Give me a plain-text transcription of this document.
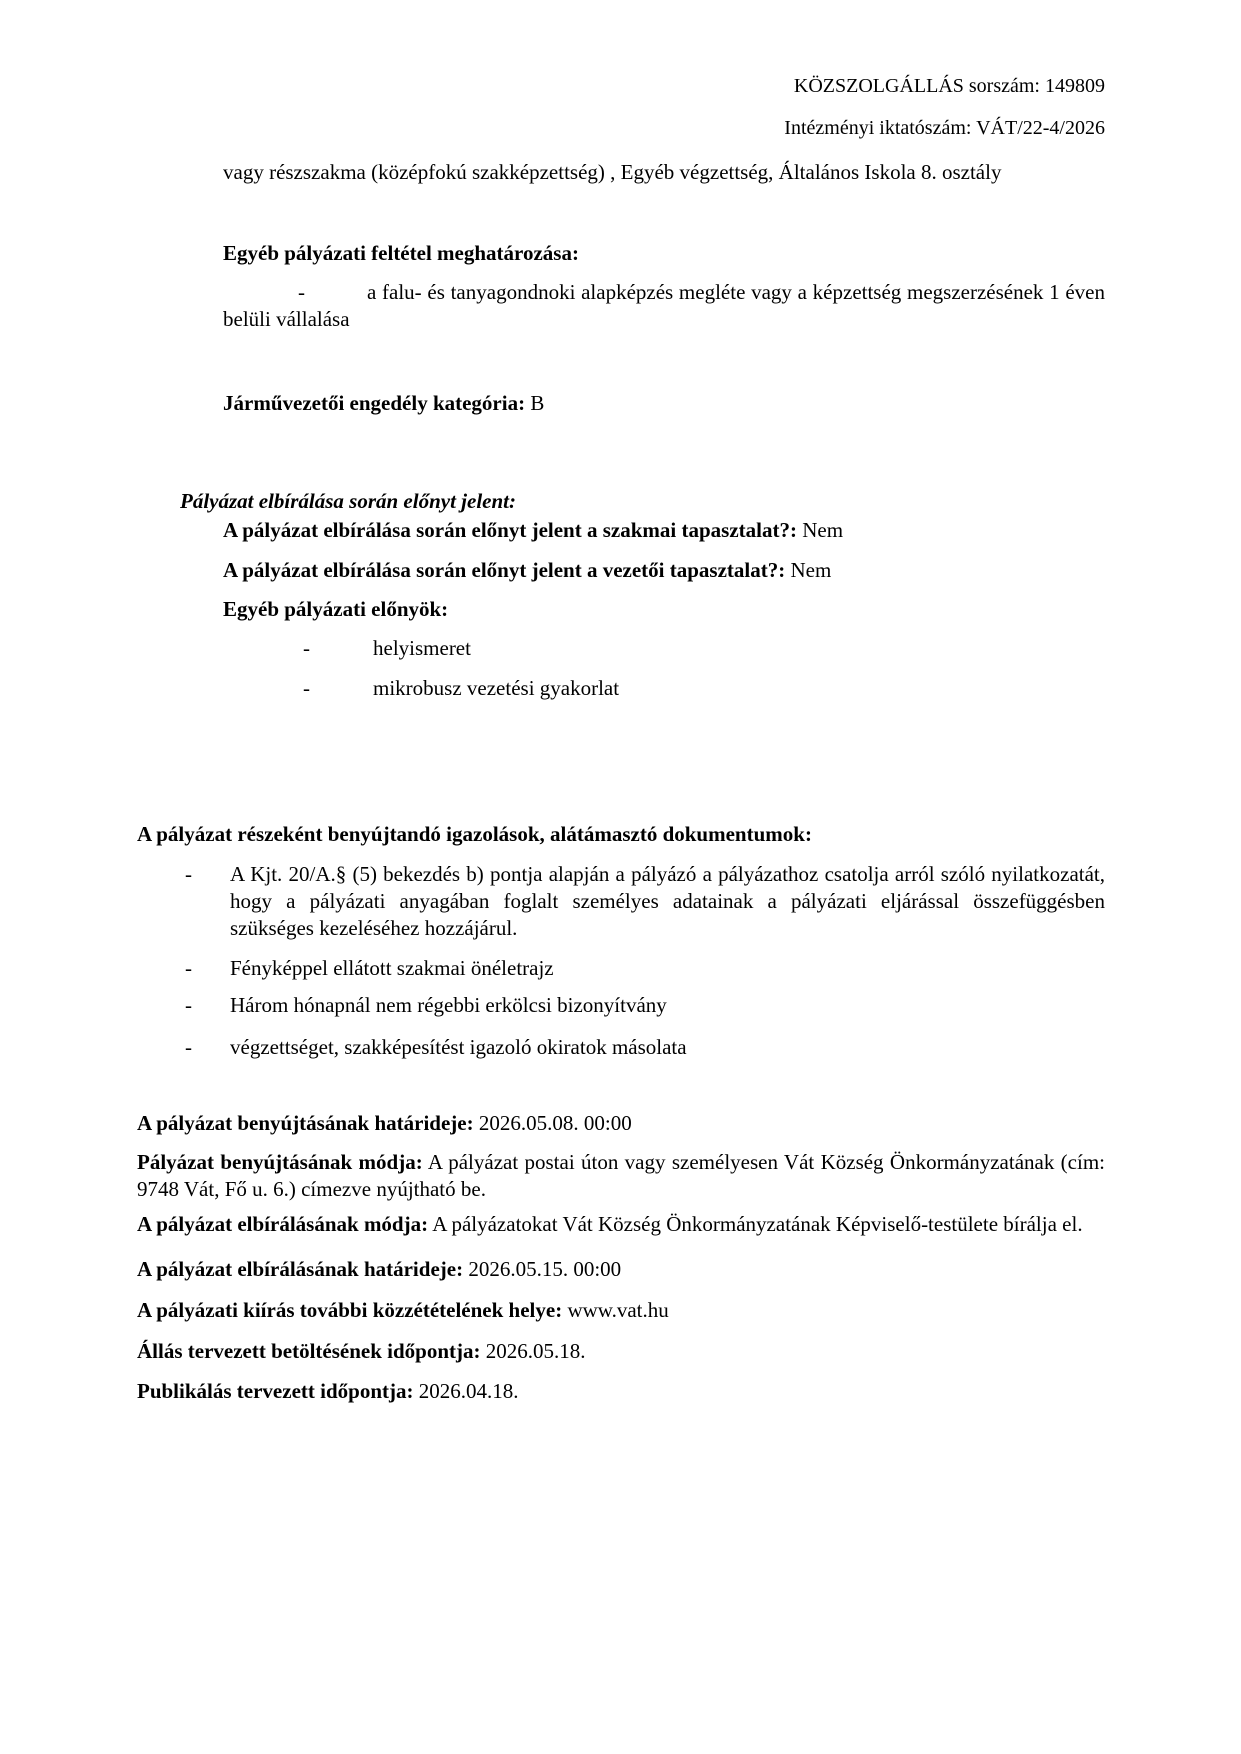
KÖZSZOLGÁLLÁS sorszám: 149809

Intézményi iktatószám: VÁT/22-4/2026

vagy részszakma (középfokú szakképzettség) , Egyéb végzettség, Általános Iskola 8. osztály

Egyéb pályázati feltétel meghatározása:

-	a falu- és tanyagondnoki alapképzés megléte vagy a képzettség megszerzésének 1 éven belüli vállalása

Járművezetői engedély kategória: B

Pályázat elbírálása során előnyt jelent:

A pályázat elbírálása során előnyt jelent a szakmai tapasztalat?: Nem

A pályázat elbírálása során előnyt jelent a vezetői tapasztalat?: Nem

Egyéb pályázati előnyök:

-	helyismeret

-	mikrobusz vezetési gyakorlat

A pályázat részeként benyújtandó igazolások, alátámasztó dokumentumok:

- A Kjt. 20/A.§ (5) bekezdés b) pontja alapján a pályázó a pályázathoz csatolja arról szóló nyilatkozatát, hogy a pályázati anyagában foglalt személyes adatainak a pályázati eljárással összefüggésben szükséges kezeléséhez hozzájárul.

- Fényképpel ellátott szakmai önéletrajz

- Három hónapnál nem régebbi erkölcsi bizonyítvány

- végzettséget, szakképesítést igazoló okiratok másolata

A pályázat benyújtásának határideje: 2026.05.08. 00:00

Pályázat benyújtásának módja: A pályázat postai úton vagy személyesen Vát Község Önkormányzatának (cím: 9748 Vát, Fő u. 6.) címezve nyújtható be.

A pályázat elbírálásának módja: A pályázatokat Vát Község Önkormányzatának Képviselő-testülete bírálja el.

A pályázat elbírálásának határideje: 2026.05.15. 00:00

A pályázati kiírás további közzétételének helye: www.vat.hu

Állás tervezett betöltésének időpontja: 2026.05.18.

Publikálás tervezett időpontja: 2026.04.18.
